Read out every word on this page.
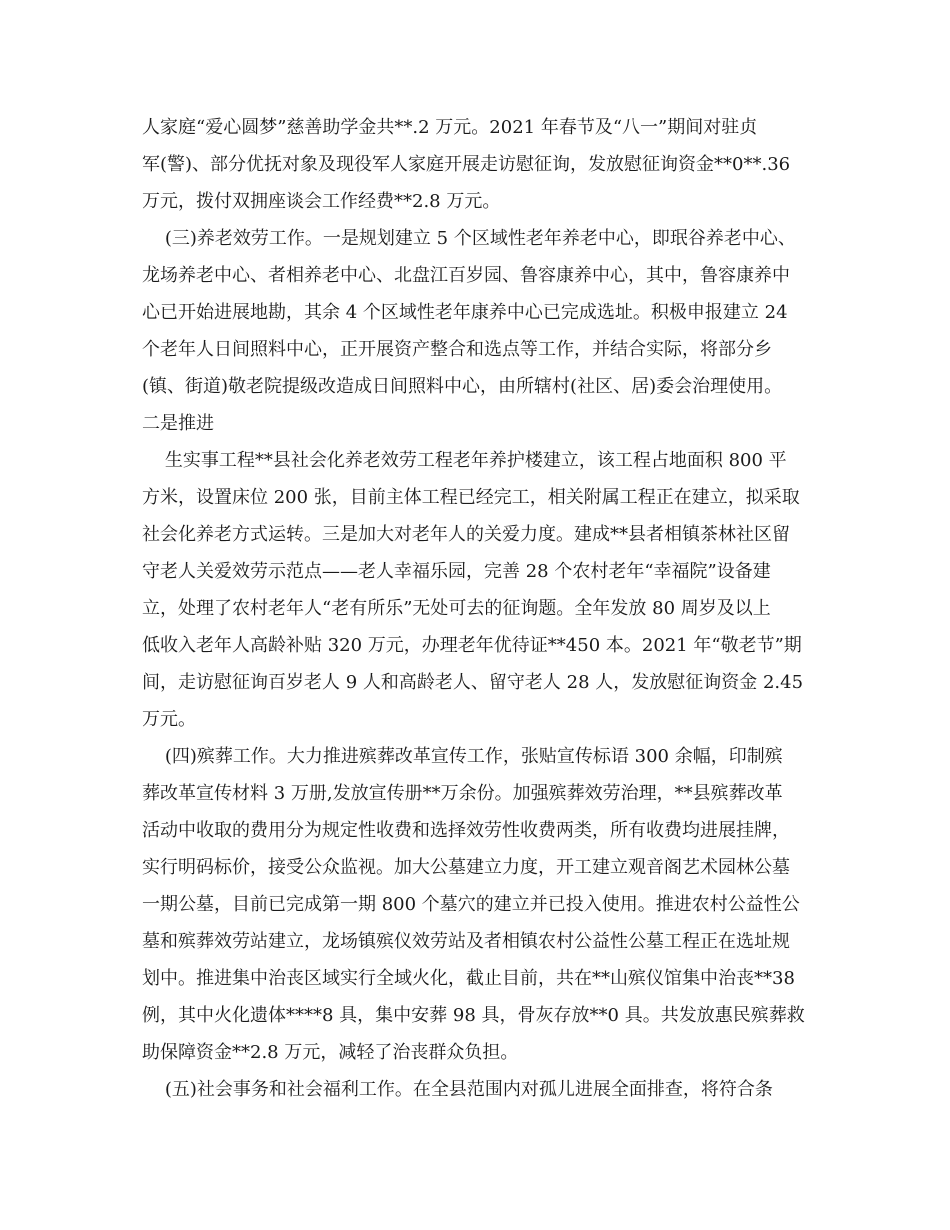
人家庭“爱心圆梦”慈善助学金共**.2 万元。2021 年春节及“八一”期间对驻贞
军(警)、部分优抚对象及现役军人家庭开展走访慰征询，发放慰征询资金**0**.36
万元，拨付双拥座谈会工作经费**2.8 万元。
(三)养老效劳工作。一是规划建立 5 个区域性老年养老中心，即珉谷养老中心、
龙场养老中心、者相养老中心、北盘江百岁园、鲁容康养中心，其中，鲁容康养中
心已开始进展地勘，其余 4 个区域性老年康养中心已完成选址。积极申报建立 24
个老年人日间照料中心，正开展资产整合和选点等工作，并结合实际，将部分乡
(镇、街道)敬老院提级改造成日间照料中心，由所辖村(社区、居)委会治理使用。
二是推进
生实事工程**县社会化养老效劳工程老年养护楼建立，该工程占地面积 800 平
方米，设置床位 200 张，目前主体工程已经完工，相关附属工程正在建立，拟采取
社会化养老方式运转。三是加大对老年人的关爱力度。建成**县者相镇茶林社区留
守老人关爱效劳示范点——老人幸福乐园，完善 28 个农村老年“幸福院”设备建
立，处理了农村老年人“老有所乐”无处可去的征询题。全年发放 80 周岁及以上
低收入老年人高龄补贴 320 万元，办理老年优待证**450 本。2021 年“敬老节”期
间，走访慰征询百岁老人 9 人和高龄老人、留守老人 28 人，发放慰征询资金 2.45
万元。
(四)殡葬工作。大力推进殡葬改革宣传工作，张贴宣传标语 300 余幅，印制殡
葬改革宣传材料 3 万册,发放宣传册**万余份。加强殡葬效劳治理，**县殡葬改革
活动中收取的费用分为规定性收费和选择效劳性收费两类，所有收费均进展挂牌，
实行明码标价，接受公众监视。加大公墓建立力度，开工建立观音阁艺术园林公墓
一期公墓，目前已完成第一期 800 个墓穴的建立并已投入使用。推进农村公益性公
墓和殡葬效劳站建立，龙场镇殡仪效劳站及者相镇农村公益性公墓工程正在选址规
划中。推进集中治丧区域实行全域火化，截止目前，共在**山殡仪馆集中治丧**38
例，其中火化遗体****8 具，集中安葬 98 具，骨灰存放**0 具。共发放惠民殡葬救
助保障资金**2.8 万元，减轻了治丧群众负担。
(五)社会事务和社会福利工作。在全县范围内对孤儿进展全面排查，将符合条
